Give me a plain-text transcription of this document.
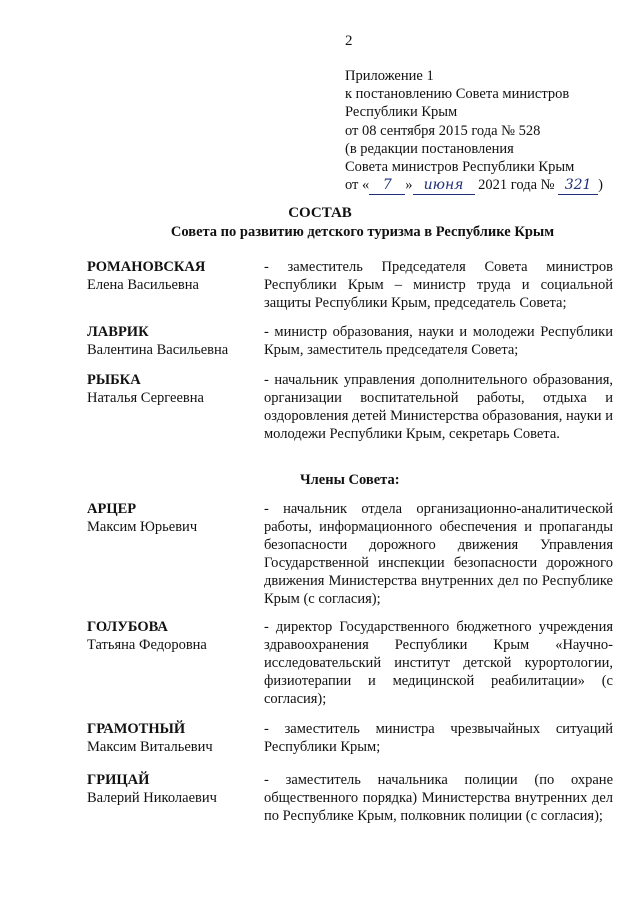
2
Приложение 1
к постановлению Совета министров
Республики Крым
от 08 сентября 2015 года № 528
(в редакции постановления
Совета министров Республики Крым
от « 7 » июня 2021 года № 321 )
СОСТАВ
Совета по развитию детского туризма в Республике Крым
РОМАНОВСКАЯ
Елена Васильевна
- заместитель Председателя Совета министров Республики Крым – министр труда и социальной защиты Республики Крым, председатель Совета;
ЛАВРИК
Валентина Васильевна
- министр образования, науки и молодежи Республики Крым, заместитель председателя Совета;
РЫБКА
Наталья Сергеевна
- начальник управления дополнительного образования, организации воспитательной работы, отдыха и оздоровления детей Министерства образования, науки и молодежи Республики Крым, секретарь Совета.
Члены Совета:
АРЦЕР
Максим Юрьевич
- начальник отдела организационно-аналитической работы, информационного обеспечения и пропаганды безопасности дорожного движения Управления Государственной инспекции безопасности дорожного движения Министерства внутренних дел по Республике Крым (с согласия);
ГОЛУБОВА
Татьяна Федоровна
- директор Государственного бюджетного учреждения здравоохранения Республики Крым «Научно-исследовательский институт детской курортологии, физиотерапии и медицинской реабилитации» (с согласия);
ГРАМОТНЫЙ
Максим Витальевич
- заместитель министра чрезвычайных ситуаций Республики Крым;
ГРИЦАЙ
Валерий Николаевич
- заместитель начальника полиции (по охране общественного порядка) Министерства внутренних дел по Республике Крым, полковник полиции (с согласия);
